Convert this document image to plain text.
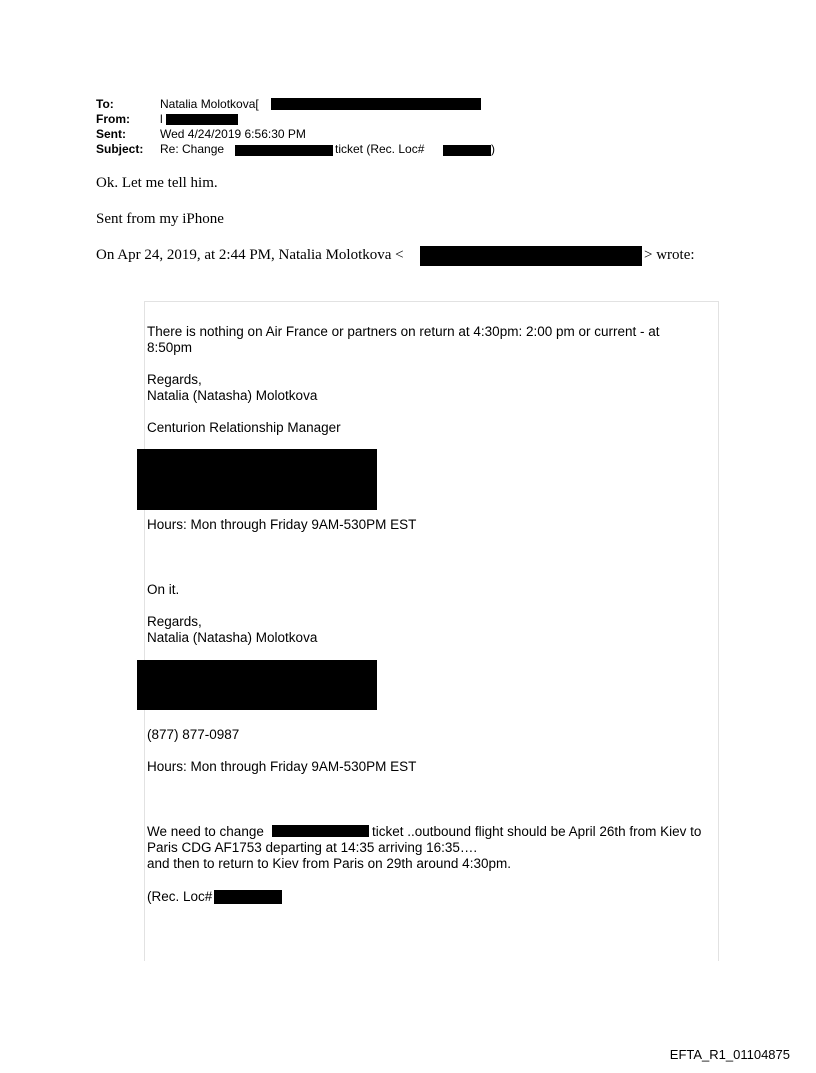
To:	Natalia Molotkova[
From:	l
Sent:	Wed 4/24/2019 6:56:30 PM
Subject: Re: Change	ticket (Rec. Loc#	)
Ok. Let me tell him.
Sent from my iPhone
On Apr 24, 2019, at 2:44 PM, Natalia Molotkova <	> wrote:
There is nothing on Air France or partners on return at 4:30pm: 2:00 pm or current - at
8:50pm
Regards,
Natalia (Natasha) Molotkova
Centurion Relationship Manager
Hours: Mon through Friday 9AM-530PM EST
On it.
Regards,
Natalia (Natasha) Molotkova
(877) 877-0987
Hours: Mon through Friday 9AM-530PM EST
We need to change	ticket ..outbound flight should be April 26th from Kiev to
Paris CDG AF1753 departing at 14:35 arriving 16:35….
and then to return to Kiev from Paris on 29th around 4:30pm.
(Rec. Loc#
EFTA_R1_01104875
